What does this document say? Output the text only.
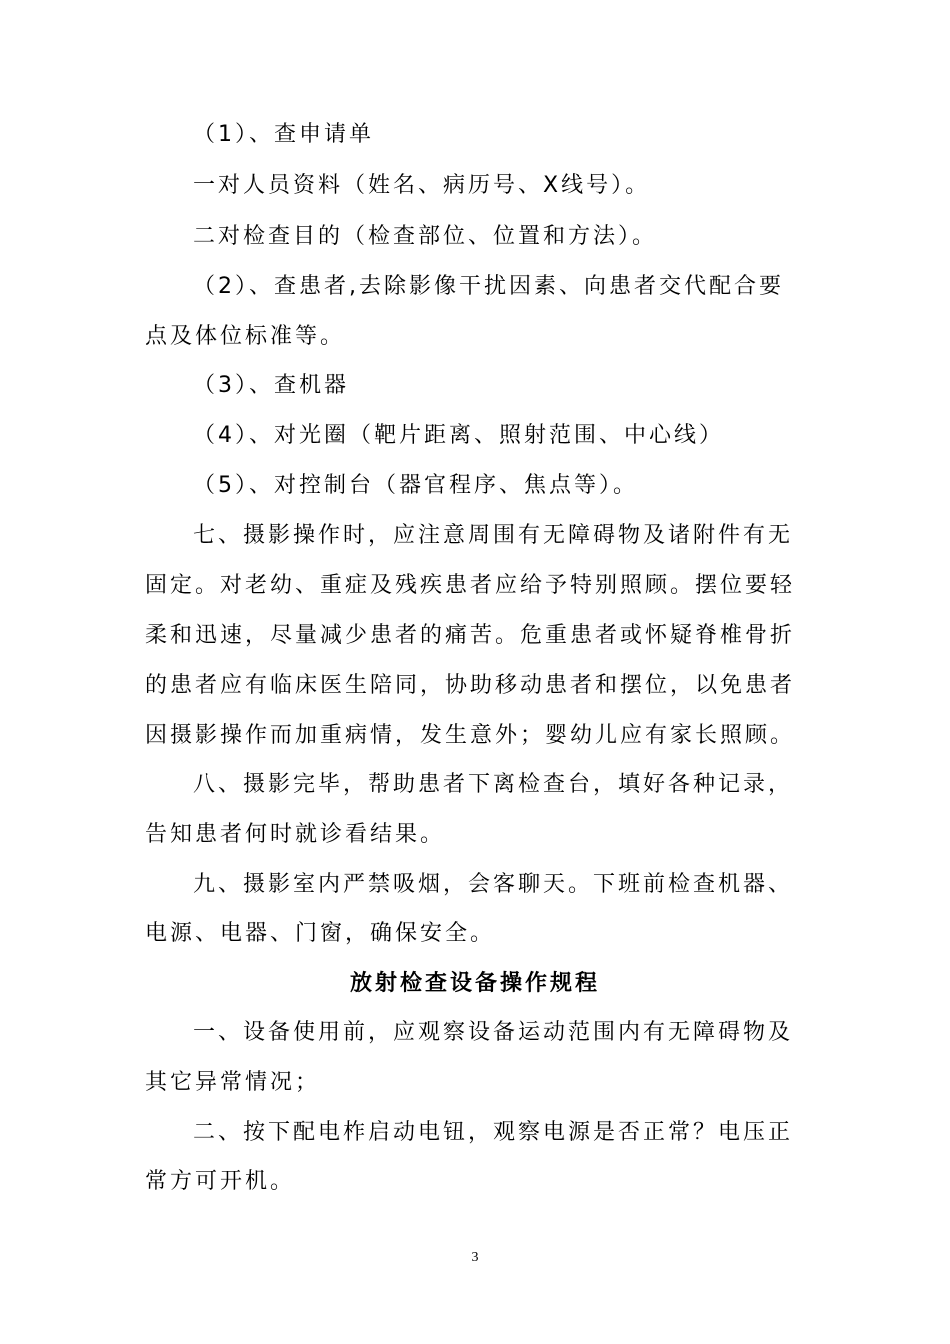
（1）、查申请单
一对人员资料（姓名、病历号、X线号）。
二对检查目的（检查部位、位置和方法）。
（2）、查患者,去除影像干扰因素、向患者交代配合要
点及体位标准等。
（3）、查机器
（4）、对光圈（靶片距离、照射范围、中心线）
（5）、对控制台（器官程序、焦点等）。
七、摄影操作时，应注意周围有无障碍物及诸附件有无
固定。对老幼、重症及残疾患者应给予特别照顾。摆位要轻
柔和迅速，尽量减少患者的痛苦。危重患者或怀疑脊椎骨折
的患者应有临床医生陪同，协助移动患者和摆位，以免患者
因摄影操作而加重病情，发生意外；婴幼儿应有家长照顾。
八、摄影完毕，帮助患者下离检查台，填好各种记录，
告知患者何时就诊看结果。
九、摄影室内严禁吸烟，会客聊天。下班前检查机器、
电源、电器、门窗，确保安全。
放射检查设备操作规程
一、设备使用前，应观察设备运动范围内有无障碍物及
其它异常情况；
二、按下配电柞启动电钮，观察电源是否正常？电压正
常方可开机。
3
